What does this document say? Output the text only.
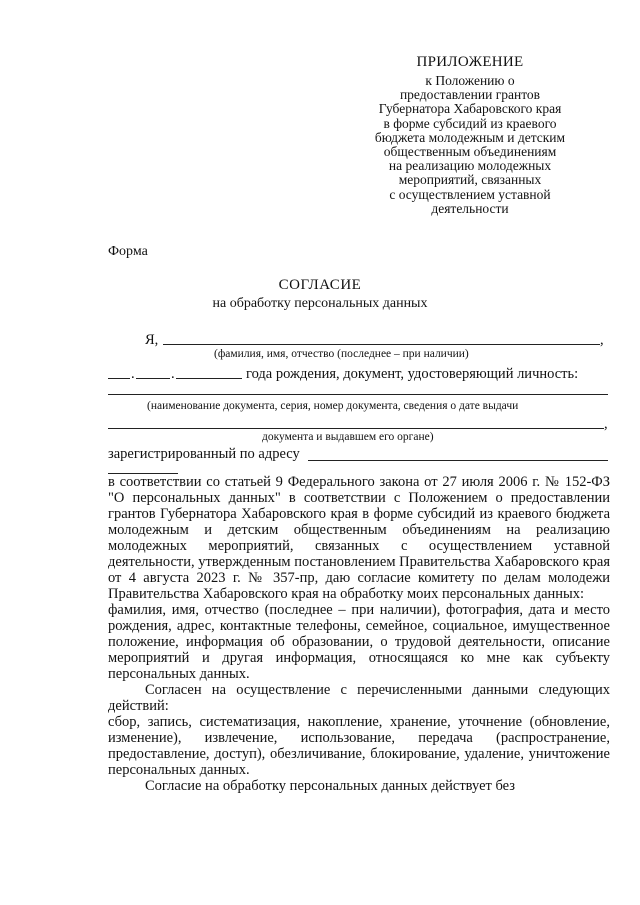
ПРИЛОЖЕНИЕ
к Положению о
предоставлении грантов
Губернатора Хабаровского края
в форме субсидий из краевого
бюджета молодежным и детским
общественным объединениям
на реализацию молодежных
мероприятий, связанных
с осуществлением уставной
деятельности
Форма
СОГЛАСИЕ
на обработку персональных данных
Я,	,
(фамилия, имя, отчество (последнее – при наличии)
.	.	года рождения, документ, удостоверяющий личность:
(наименование документа, серия, номер документа, сведения о дате выдачи
,
документа и выдавшем его органе)
зарегистрированный по адресу

в соответствии со статьей 9 Федерального закона от 27 июля 2006 г. № 152-ФЗ "О персональных данных" в соответствии с Положением о предоставлении грантов Губернатора Хабаровского края в форме субсидий из краевого бюджета молодежным и детским общественным объединениям на реализацию молодежных мероприятий, связанных с осуществлением уставной деятельности, утвержденным постановлением Правительства Хабаровского края от 4 августа 2023 г. № 357-пр, даю согласие комитету по делам молодежи Правительства Хабаровского края на обработку моих персональных данных:

фамилия, имя, отчество (последнее – при наличии), фотография, дата и место рождения, адрес, контактные телефоны, семейное, социальное, имущественное положение, информация об образовании, о трудовой деятельности, описание мероприятий и другая информация, относящаяся ко мне как субъекту персональных данных.

Согласен на осуществление с перечисленными данными следующих действий:

сбор, запись, систематизация, накопление, хранение, уточнение (обновление, изменение), извлечение, использование, передача (распространение, предоставление, доступ), обезличивание, блокирование, удаление, уничтожение персональных данных.

Согласие на обработку персональных данных действует без
